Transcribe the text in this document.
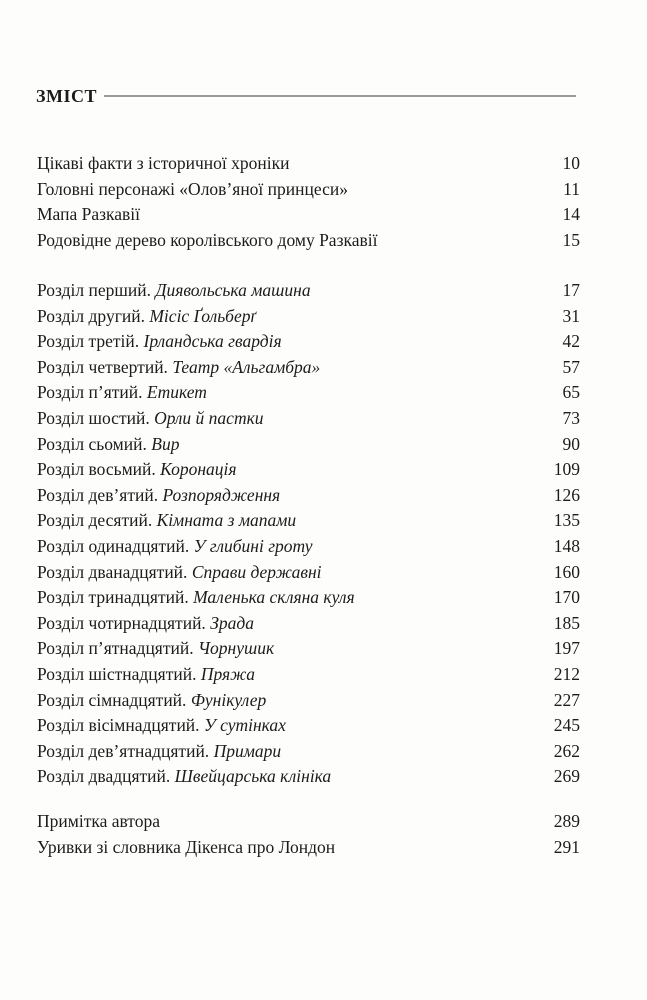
ЗМІСТ
Цікаві факти з історичної хроніки	10
Головні персонажі «Олов’яної принцеси»	11
Мапа Разкавії	14
Родовідне дерево королівського дому Разкавії	15
Розділ перший. Диявольська машина	17
Розділ другий. Місіс Ґольберґ	31
Розділ третій. Ірландська гвардія	42
Розділ четвертий. Театр «Альгамбра»	57
Розділ п’ятий. Етикет	65
Розділ шостий. Орли й пастки	73
Розділ сьомий. Вир	90
Розділ восьмий. Коронація	109
Розділ дев’ятий. Розпорядження	126
Розділ десятий. Кімната з мапами	135
Розділ одинадцятий. У глибині гроту	148
Розділ дванадцятий. Справи державні	160
Розділ тринадцятий. Маленька скляна куля	170
Розділ чотирнадцятий. Зрада	185
Розділ п’ятнадцятий. Чорнушик	197
Розділ шістнадцятий. Пряжа	212
Розділ сімнадцятий. Фунікулер	227
Розділ вісімнадцятий. У сутінках	245
Розділ дев’ятнадцятий. Примари	262
Розділ двадцятий. Швейцарська клініка	269
Примітка автора	289
Уривки зі словника Дікенса про Лондон	291
